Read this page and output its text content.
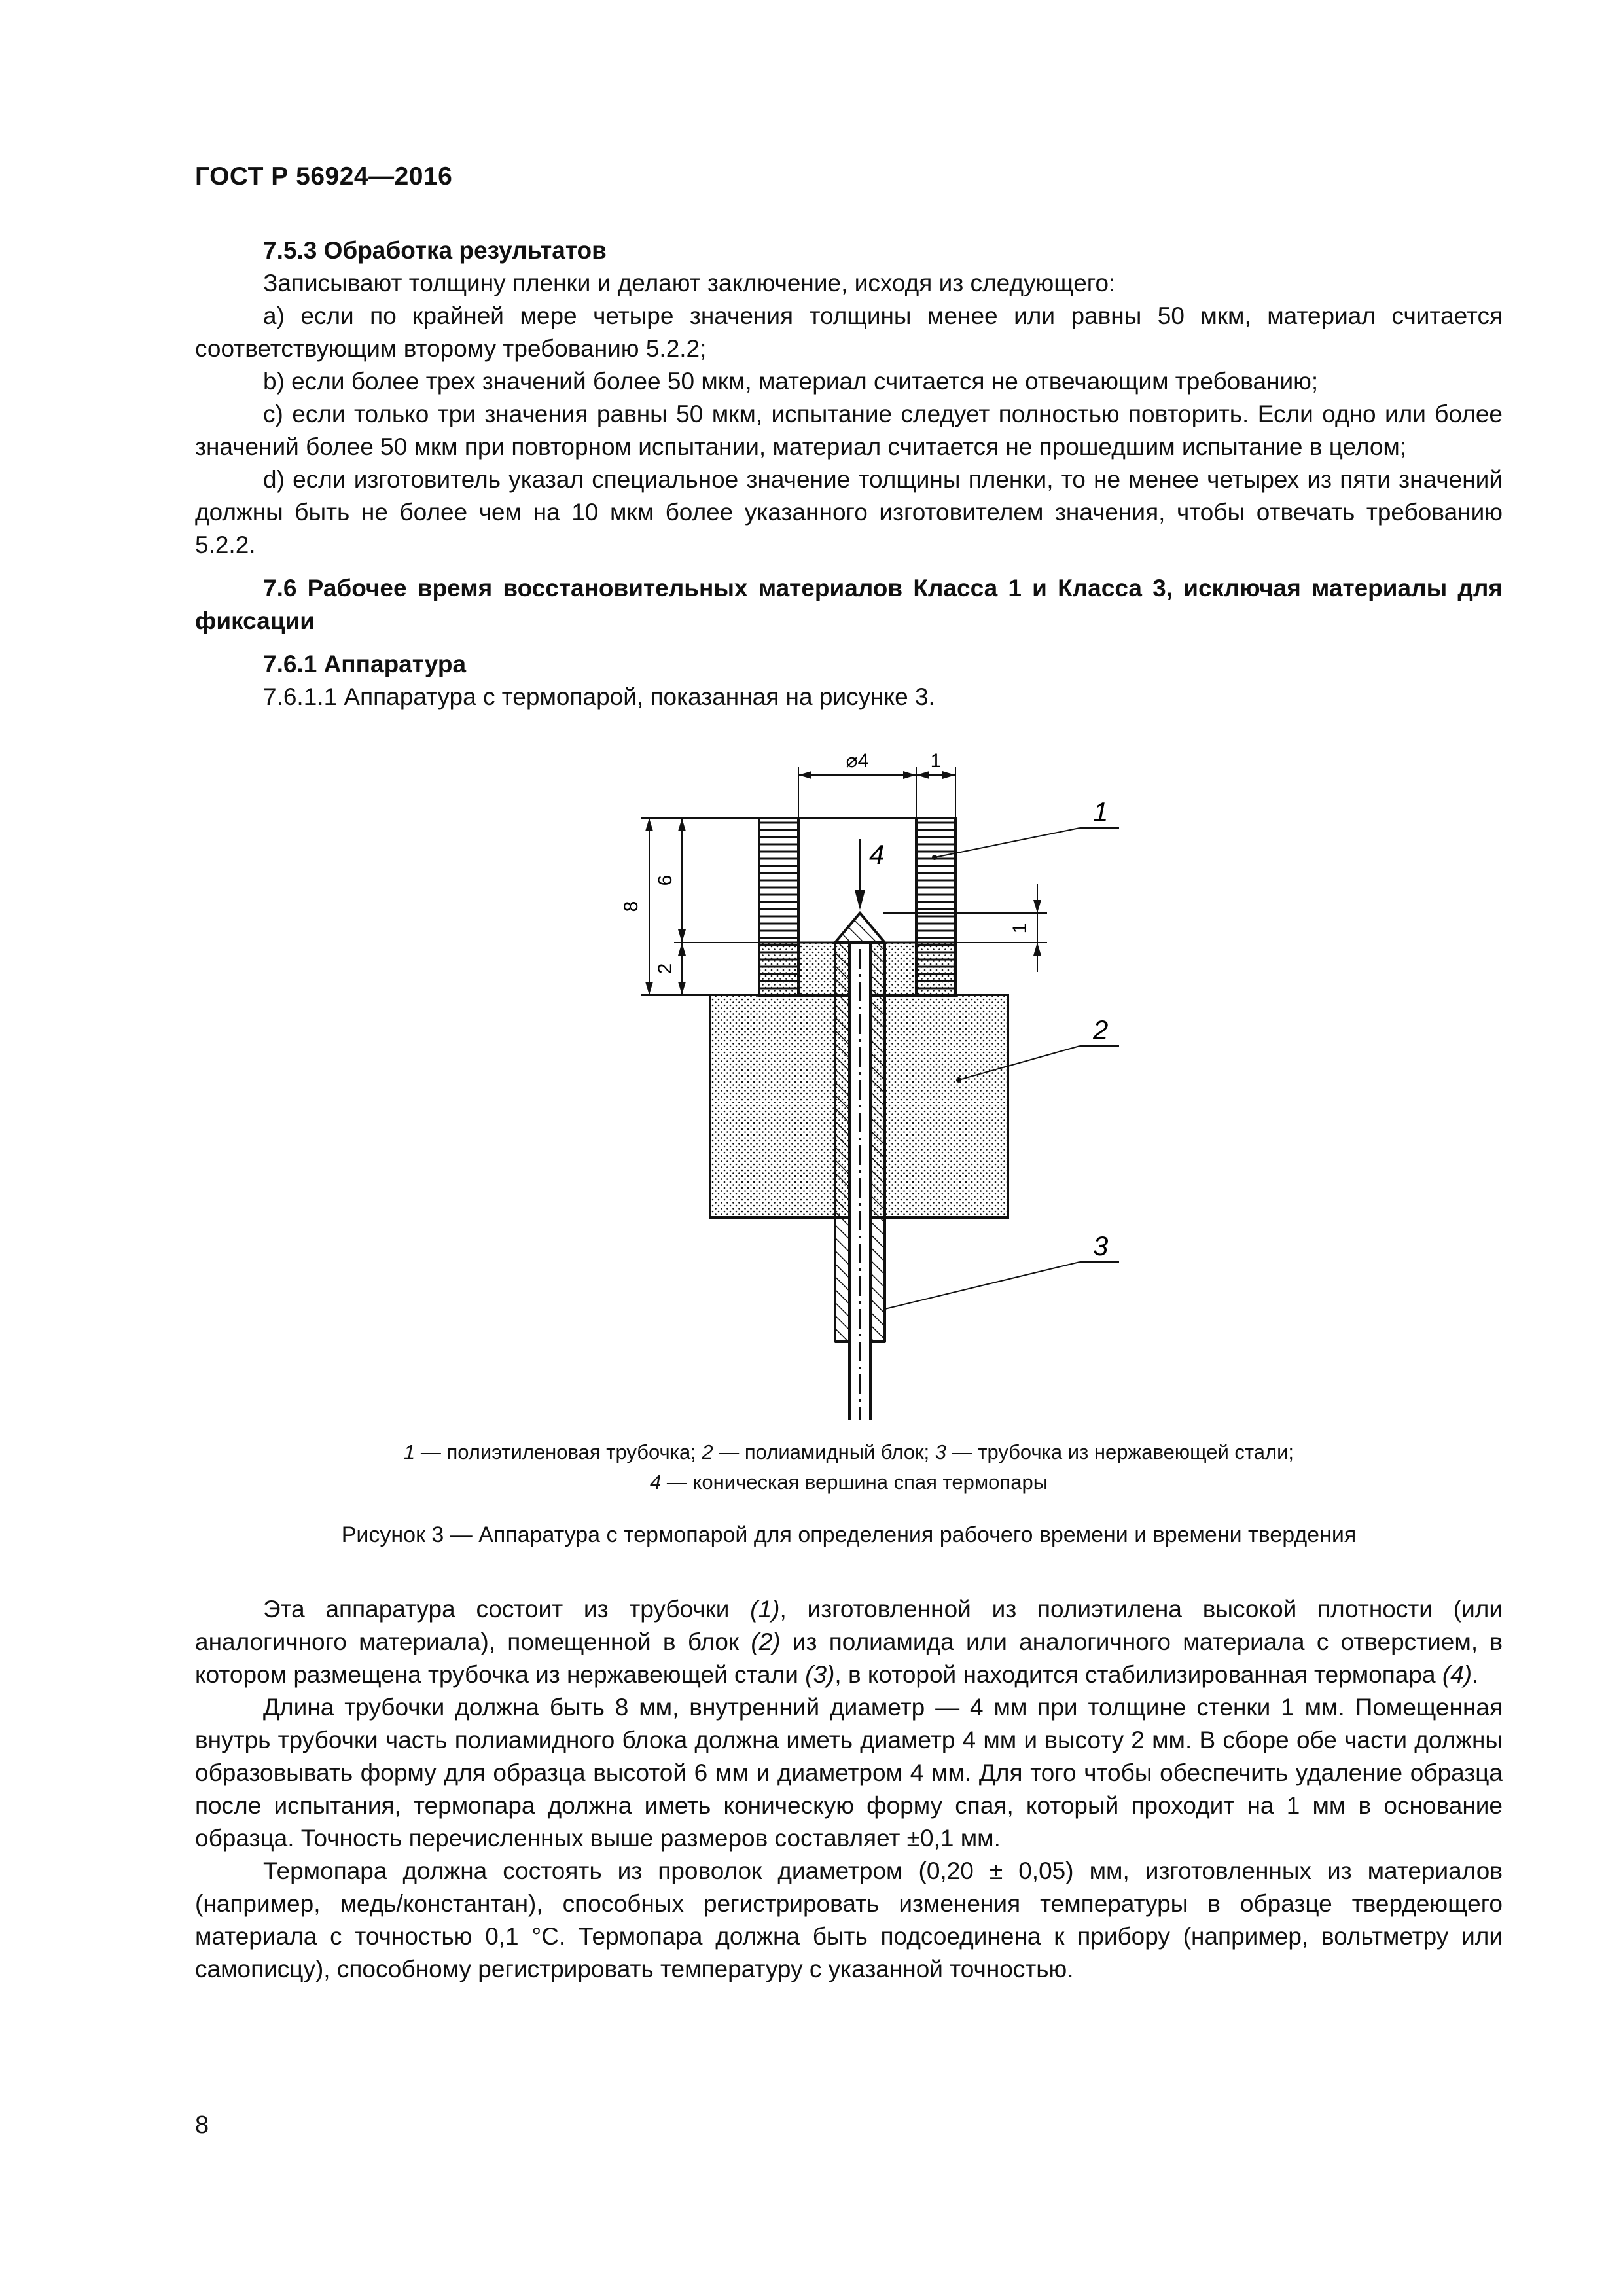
ГОСТ Р 56924—2016

7.5.3 Обработка результатов

Записывают толщину пленки и делают заключение, исходя из следующего:

a) если по крайней мере четыре значения толщины менее или равны 50 мкм, материал считается соответствующим второму требованию 5.2.2;

b) если более трех значений более 50 мкм, материал считается не отвечающим требованию;

c) если только три значения равны 50 мкм, испытание следует полностью повторить. Если одно или более значений более 50 мкм при повторном испытании, материал считается не прошедшим испытание в целом;

d) если изготовитель указал специальное значение толщины пленки, то не менее четырех из пяти значений должны быть не более чем на 10 мкм более указанного изготовителем значения, чтобы отвечать требованию 5.2.2.

7.6 Рабочее время восстановительных материалов Класса 1 и Класса 3, исключая материалы для фиксации

7.6.1 Аппаратура

7.6.1.1 Аппаратура с термопарой, показанная на рисунке 3.

⌀4	1
8
6
2
1
1
2
3
4
1 — полиэтиленовая трубочка; 2 — полиамидный блок; 3 — трубочка из нержавеющей стали;
4 — коническая вершина спая термопары
Рисунок 3 — Аппаратура с термопарой для определения рабочего времени и времени твердения

Эта аппаратура состоит из трубочки (1), изготовленной из полиэтилена высокой плотности (или аналогичного материала), помещенной в блок (2) из полиамида или аналогичного материала с отверстием, в котором размещена трубочка из нержавеющей стали (3), в которой находится стабилизированная термопара (4).

Длина трубочки должна быть 8 мм, внутренний диаметр — 4 мм при толщине стенки 1 мм. Помещенная внутрь трубочки часть полиамидного блока должна иметь диаметр 4 мм и высоту 2 мм. В сборе обе части должны образовывать форму для образца высотой 6 мм и диаметром 4 мм. Для того чтобы обеспечить удаление образца после испытания, термопара должна иметь коническую форму спая, который проходит на 1 мм в основание образца. Точность перечисленных выше размеров составляет ±0,1 мм.

Термопара должна состоять из проволок диаметром (0,20 ± 0,05) мм, изготовленных из материалов (например, медь/константан), способных регистрировать изменения температуры в образце твердеющего материала с точностью 0,1 °С. Термопара должна быть подсоединена к прибору (например, вольтметру или самописцу), способному регистрировать температуру с указанной точностью.

8
